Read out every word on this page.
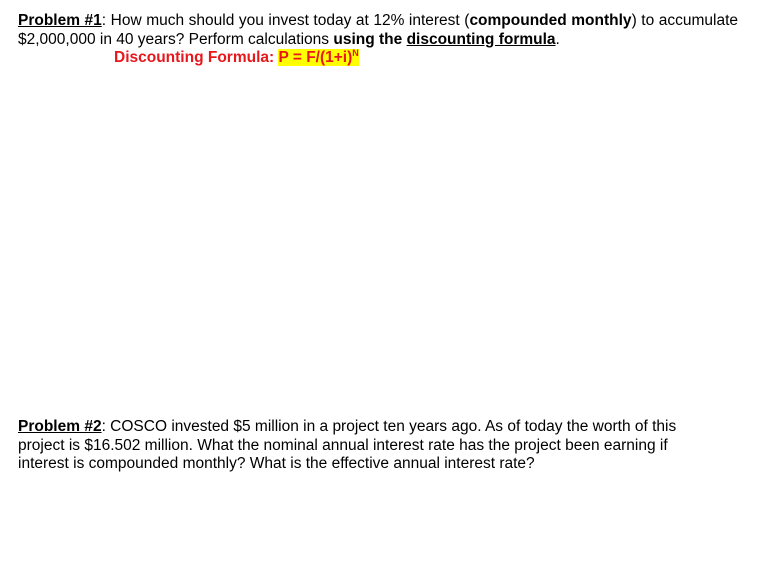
Problem #1: How much should you invest today at 12% interest (compounded monthly) to accumulate $2,000,000 in 40 years? Perform calculations using the discounting formula.
Discounting Formula: $P = F/(1+i)^N$
Problem #2: COSCO invested $5 million in a project ten years ago. As of today the worth of this project is $16.502 million. What the nominal annual interest rate has the project been earning if interest is compounded monthly? What is the effective annual interest rate?
